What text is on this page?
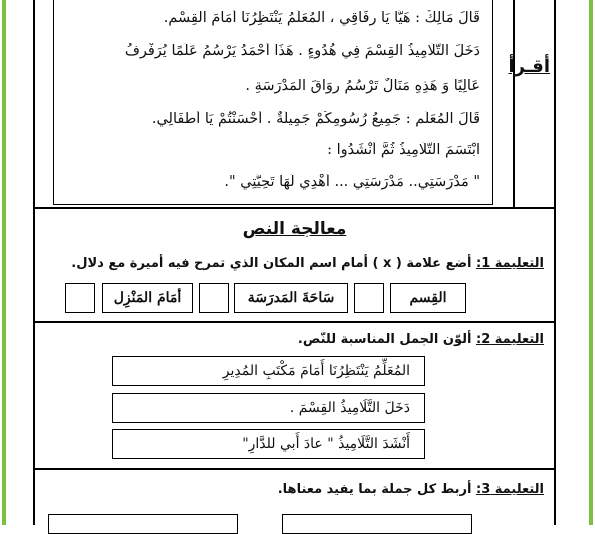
أقـرأ
قَالَ مَالِكٌ : هَيَّا يَا رِفَاقِي ، المُعَلِّمُ يَنْتَظِرُنَا أَمَامَ القِسْمِ.
دَخَلَ التَّلَامِيذُ القِسْمَ فِي هُدُوءٍ . هَذَا أَحْمَدُ يَرْسُمُ عَلَمًا يُرَفْرِفُ
عَالِيًا وَ هَذِهِ مَنَالٌ تَرْسُمُ رِوَاقَ المَدْرَسَةِ .
قَالَ المُعَلِّم : جَمِيعُ رُسُومِكُمْ جَمِيلَةٌ . أَحْسَنْتُمْ يَا أَطْفَالِي.
ابْتَسَمَ التَّلَامِيذُ ثُمَّ أَنْشَدُوا :
" مَدْرَسَتِي.. مَدْرَسَتِي ... أُهْدِي لَهَا تَحِيَّتِي ".
معالجة النص
التعليمة 1: أضع علامة ( x ) أمام اسم المكان الذي تمرح فيه أميرة مع دلال.
القِسم
سَاحَةَ المَدرَسَة
أمَامَ المَنْزِل
التعليمة 2: ألوّن الجمل المناسبة للنّص.
المُعَلِّمُ يَنْتَظِرُنَا أَمَامَ مَكْتَبِ المُدِيرِ
دَخَلَ التَّلَامِيذُ القِسْمَ .
أَنْشَدَ التَّلَامِيذُ " عادَ أَبي للدَّارِ"
التعليمة 3: أربط كل جملة بما يفيد معناها.
